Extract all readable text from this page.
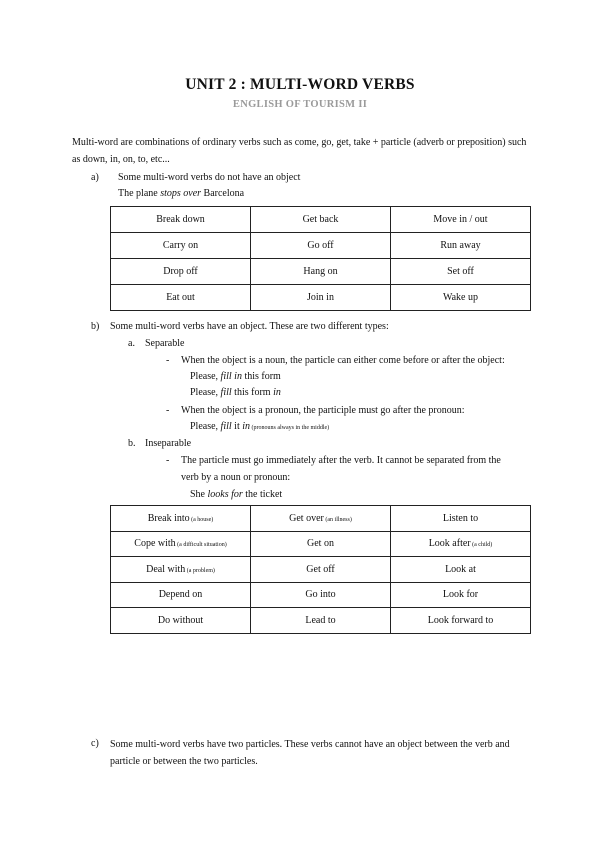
UNIT 2 : MULTI-WORD VERBS
ENGLISH OF TOURISM II

Multi-word are combinations of ordinary verbs such as come, go, get, take + particle (adverb or preposition) such as down, in, on, to, etc...

a) Some multi-word verbs do not have an object
The plane stops over Barcelona
Break down	Get back	Move in / out
Carry on	Go off	Run away
Drop off	Hang on	Set off
Eat out	Join in	Wake up
b) Some multi-word verbs have an object. These are two different types:
a. Separable
- When the object is a noun, the particle can either come before or after the object:
Please, fill in this form
Please, fill this form in
- When the object is a pronoun, the participle must go after the pronoun:
Please, fill it in (pronouns always in the middle)
b. Inseparable
- The particle must go immediately after the verb. It cannot be separated from the
verb by a noun or pronoun:
She looks for the ticket
Break into (a house)	Get over (an illness)	Listen to
Cope with (a difficult situation)	Get on	Look after (a child)
Deal with (a problem)	Get off	Look at
Depend on	Go into	Look for
Do without	Lead to	Look forward to
c) Some multi-word verbs have two particles. These verbs cannot have an object between the verb and particle or between the two particles.
